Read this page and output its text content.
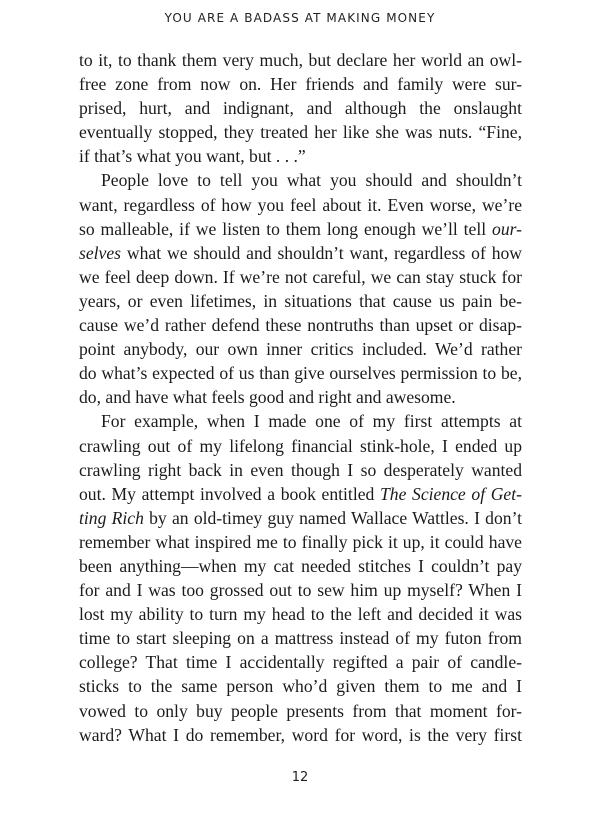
YOU ARE A BADASS AT MAKING MONEY
to it, to thank them very much, but declare her world an owl-
free zone from now on. Her friends and family were sur-
prised, hurt, and indignant, and although the onslaught
eventually stopped, they treated her like she was nuts. “Fine,
if that’s what you want, but . . .”
People love to tell you what you should and shouldn’t
want, regardless of how you feel about it. Even worse, we’re
so malleable, if we listen to them long enough we’ll tell our-
selves what we should and shouldn’t want, regardless of how
we feel deep down. If we’re not careful, we can stay stuck for
years, or even lifetimes, in situations that cause us pain be-
cause we’d rather defend these nontruths than upset or disap-
point anybody, our own inner critics included. We’d rather
do what’s expected of us than give ourselves permission to be,
do, and have what feels good and right and awesome.
For example, when I made one of my first attempts at
crawling out of my lifelong financial stink-hole, I ended up
crawling right back in even though I so desperately wanted
out. My attempt involved a book entitled The Science of Get-
ting Rich by an old-timey guy named Wallace Wattles. I don’t
remember what inspired me to finally pick it up, it could have
been anything—when my cat needed stitches I couldn’t pay
for and I was too grossed out to sew him up myself? When I
lost my ability to turn my head to the left and decided it was
time to start sleeping on a mattress instead of my futon from
college? That time I accidentally regifted a pair of candle-
sticks to the same person who’d given them to me and I
vowed to only buy people presents from that moment for-
ward? What I do remember, word for word, is the very first
12
